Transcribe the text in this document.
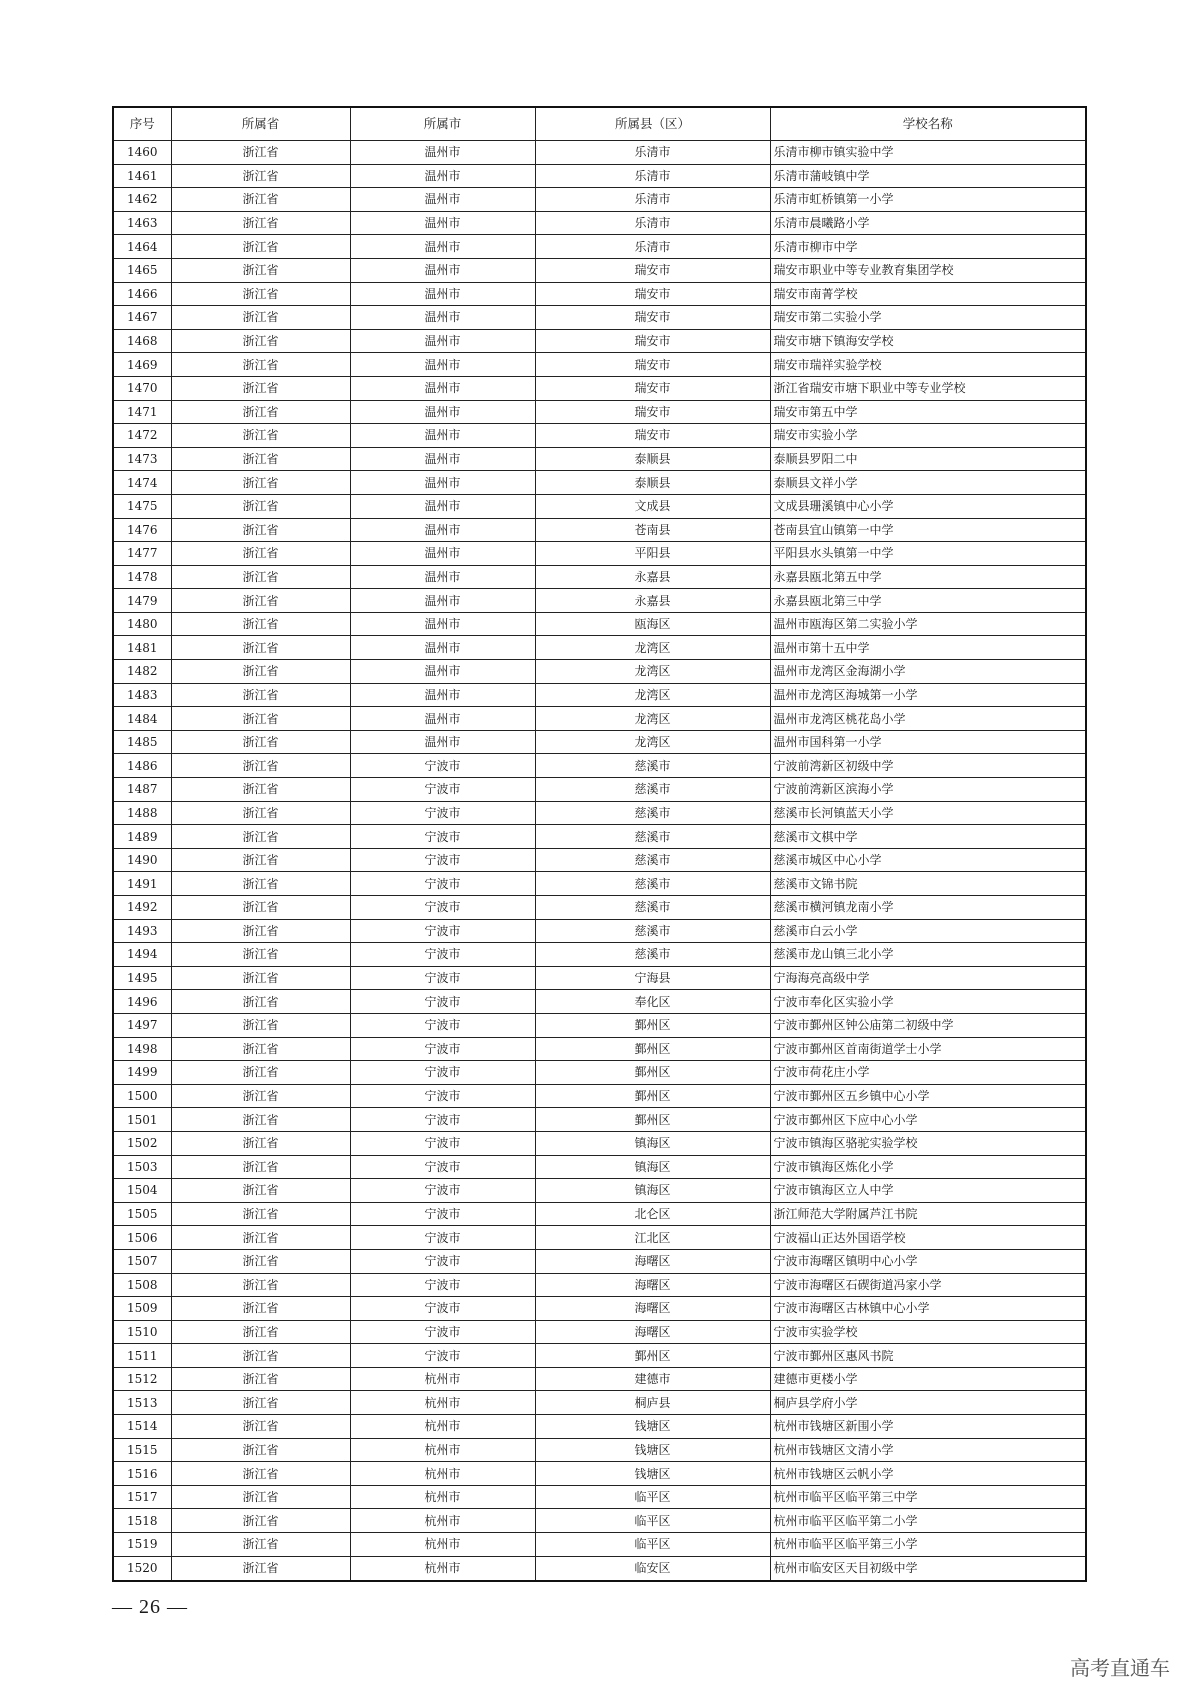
序号	所属省	所属市	所属县（区）	学校名称
1460	浙江省	温州市	乐清市	乐清市柳市镇实验中学
1461	浙江省	温州市	乐清市	乐清市蒲岐镇中学
1462	浙江省	温州市	乐清市	乐清市虹桥镇第一小学
1463	浙江省	温州市	乐清市	乐清市晨曦路小学
1464	浙江省	温州市	乐清市	乐清市柳市中学
1465	浙江省	温州市	瑞安市	瑞安市职业中等专业教育集团学校
1466	浙江省	温州市	瑞安市	瑞安市南菁学校
1467	浙江省	温州市	瑞安市	瑞安市第二实验小学
1468	浙江省	温州市	瑞安市	瑞安市塘下镇海安学校
1469	浙江省	温州市	瑞安市	瑞安市瑞祥实验学校
1470	浙江省	温州市	瑞安市	浙江省瑞安市塘下职业中等专业学校
1471	浙江省	温州市	瑞安市	瑞安市第五中学
1472	浙江省	温州市	瑞安市	瑞安市实验小学
1473	浙江省	温州市	泰顺县	泰顺县罗阳二中
1474	浙江省	温州市	泰顺县	泰顺县文祥小学
1475	浙江省	温州市	文成县	文成县珊溪镇中心小学
1476	浙江省	温州市	苍南县	苍南县宜山镇第一中学
1477	浙江省	温州市	平阳县	平阳县水头镇第一中学
1478	浙江省	温州市	永嘉县	永嘉县瓯北第五中学
1479	浙江省	温州市	永嘉县	永嘉县瓯北第三中学
1480	浙江省	温州市	瓯海区	温州市瓯海区第二实验小学
1481	浙江省	温州市	龙湾区	温州市第十五中学
1482	浙江省	温州市	龙湾区	温州市龙湾区金海湖小学
1483	浙江省	温州市	龙湾区	温州市龙湾区海城第一小学
1484	浙江省	温州市	龙湾区	温州市龙湾区桃花岛小学
1485	浙江省	温州市	龙湾区	温州市国科第一小学
1486	浙江省	宁波市	慈溪市	宁波前湾新区初级中学
1487	浙江省	宁波市	慈溪市	宁波前湾新区滨海小学
1488	浙江省	宁波市	慈溪市	慈溪市长河镇蓝天小学
1489	浙江省	宁波市	慈溪市	慈溪市文棋中学
1490	浙江省	宁波市	慈溪市	慈溪市城区中心小学
1491	浙江省	宁波市	慈溪市	慈溪市文锦书院
1492	浙江省	宁波市	慈溪市	慈溪市横河镇龙南小学
1493	浙江省	宁波市	慈溪市	慈溪市白云小学
1494	浙江省	宁波市	慈溪市	慈溪市龙山镇三北小学
1495	浙江省	宁波市	宁海县	宁海海亮高级中学
1496	浙江省	宁波市	奉化区	宁波市奉化区实验小学
1497	浙江省	宁波市	鄞州区	宁波市鄞州区钟公庙第二初级中学
1498	浙江省	宁波市	鄞州区	宁波市鄞州区首南街道学士小学
1499	浙江省	宁波市	鄞州区	宁波市荷花庄小学
1500	浙江省	宁波市	鄞州区	宁波市鄞州区五乡镇中心小学
1501	浙江省	宁波市	鄞州区	宁波市鄞州区下应中心小学
1502	浙江省	宁波市	镇海区	宁波市镇海区骆驼实验学校
1503	浙江省	宁波市	镇海区	宁波市镇海区炼化小学
1504	浙江省	宁波市	镇海区	宁波市镇海区立人中学
1505	浙江省	宁波市	北仑区	浙江师范大学附属芦江书院
1506	浙江省	宁波市	江北区	宁波福山正达外国语学校
1507	浙江省	宁波市	海曙区	宁波市海曙区镇明中心小学
1508	浙江省	宁波市	海曙区	宁波市海曙区石碶街道冯家小学
1509	浙江省	宁波市	海曙区	宁波市海曙区古林镇中心小学
1510	浙江省	宁波市	海曙区	宁波市实验学校
1511	浙江省	宁波市	鄞州区	宁波市鄞州区惠风书院
1512	浙江省	杭州市	建德市	建德市更楼小学
1513	浙江省	杭州市	桐庐县	桐庐县学府小学
1514	浙江省	杭州市	钱塘区	杭州市钱塘区新围小学
1515	浙江省	杭州市	钱塘区	杭州市钱塘区文清小学
1516	浙江省	杭州市	钱塘区	杭州市钱塘区云帆小学
1517	浙江省	杭州市	临平区	杭州市临平区临平第三中学
1518	浙江省	杭州市	临平区	杭州市临平区临平第二小学
1519	浙江省	杭州市	临平区	杭州市临平区临平第三小学
1520	浙江省	杭州市	临安区	杭州市临安区天目初级中学
— 26 —
高考直通车
